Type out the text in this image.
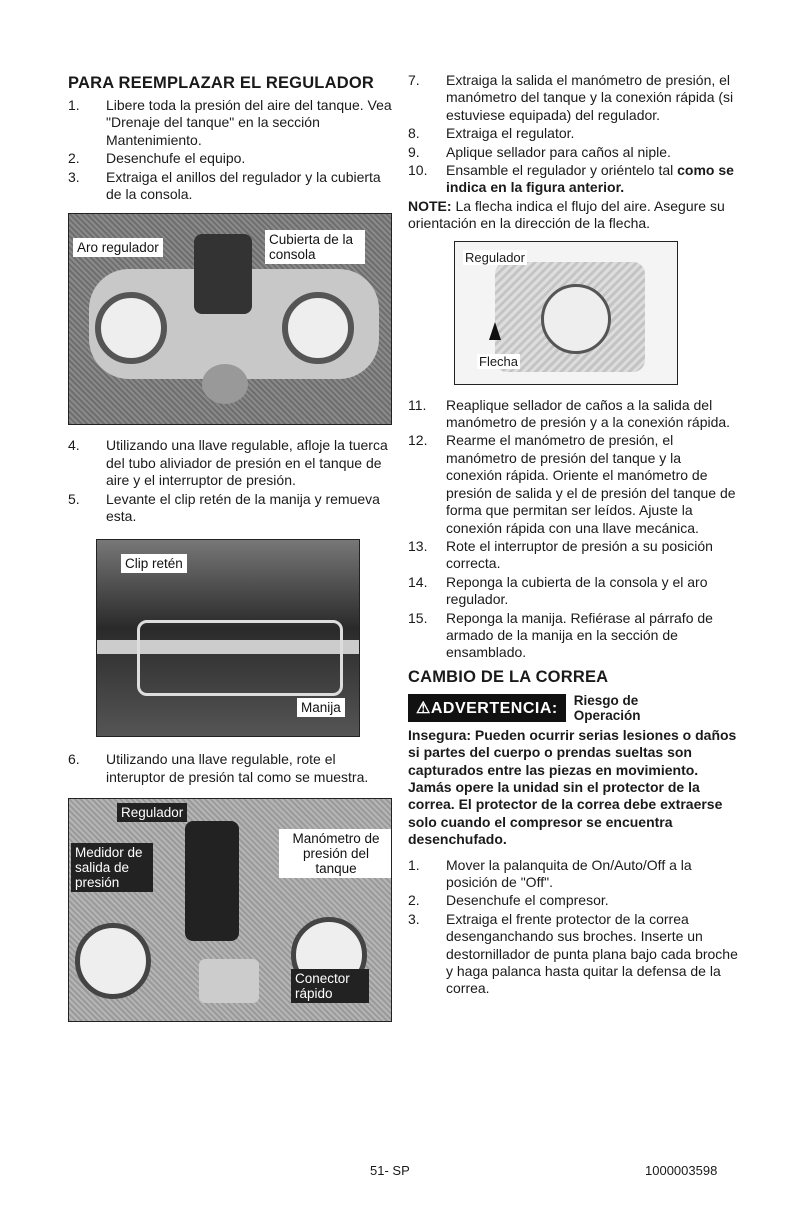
PARA REEMPLAZAR EL REGULADOR
1. Libere toda la presión del aire del tanque. Vea "Drenaje del tanque" en la sección Mantenimiento.
2. Desenchufe el equipo.
3. Extraiga el anillos del regulador y la cubierta de la consola.
Aro regulador
Cubierta de la consola
4. Utilizando una llave regulable, afloje la tuerca del tubo aliviador de presión en el tanque de aire y el interruptor de presión.
5. Levante el clip retén de la manija y remueva esta.
Clip retén
Manija
6. Utilizando una llave regulable, rote el interuptor de presión tal como se muestra.
Regulador
Medidor de salida de presión
Manómetro de presión del tanque
Conector rápido
7. Extraiga la salida el manómetro de presión, el manómetro del tanque y la conexión rápida (si estuviese equipada) del regulador.
8. Extraiga el regulator.
9. Aplique sellador para caños al niple.
10. Ensamble el regulador y oriéntelo tal como se indica en la figura anterior.

NOTE: La flecha indica el flujo del aire. Asegure su orientación en la dirección de la flecha.

Regulador
Flecha
11. Reaplique sellador de caños a la salida del manómetro de presión y a la conexión rápida.
12. Rearme el manómetro de presión, el manómetro de presión del tanque y la conexión rápida. Oriente el manómetro de presión de salida y el de presión del tanque de forma que permitan ser leídos. Ajuste la conexión rápida con una llave mecánica.
13. Rote el interruptor de presión a su posición correcta.
14. Reponga la cubierta de la consola y el aro regulador.
15. Reponga la manija. Refiérase al párrafo de armado de la manija en la sección de ensamblado.
CAMBIO DE LA CORREA
⚠ADVERTENCIA:	Riesgo de Operación

Insegura: Pueden ocurrir serias lesiones o daños si partes del cuerpo o prendas sueltas son capturados entre las piezas en movimiento. Jamás opere la unidad sin el protector de la correa. El protector de la correa debe extraerse solo cuando el compresor se encuentra desenchufado.

1. Mover la palanquita de On/Auto/Off a la posición de "Off".
2. Desenchufe el compresor.
3. Extraiga el frente protector de la correa desenganchando sus broches. Inserte un destornillador de punta plana bajo cada broche y haga palanca hasta quitar la defensa de la correa.
51- SP	1000003598
